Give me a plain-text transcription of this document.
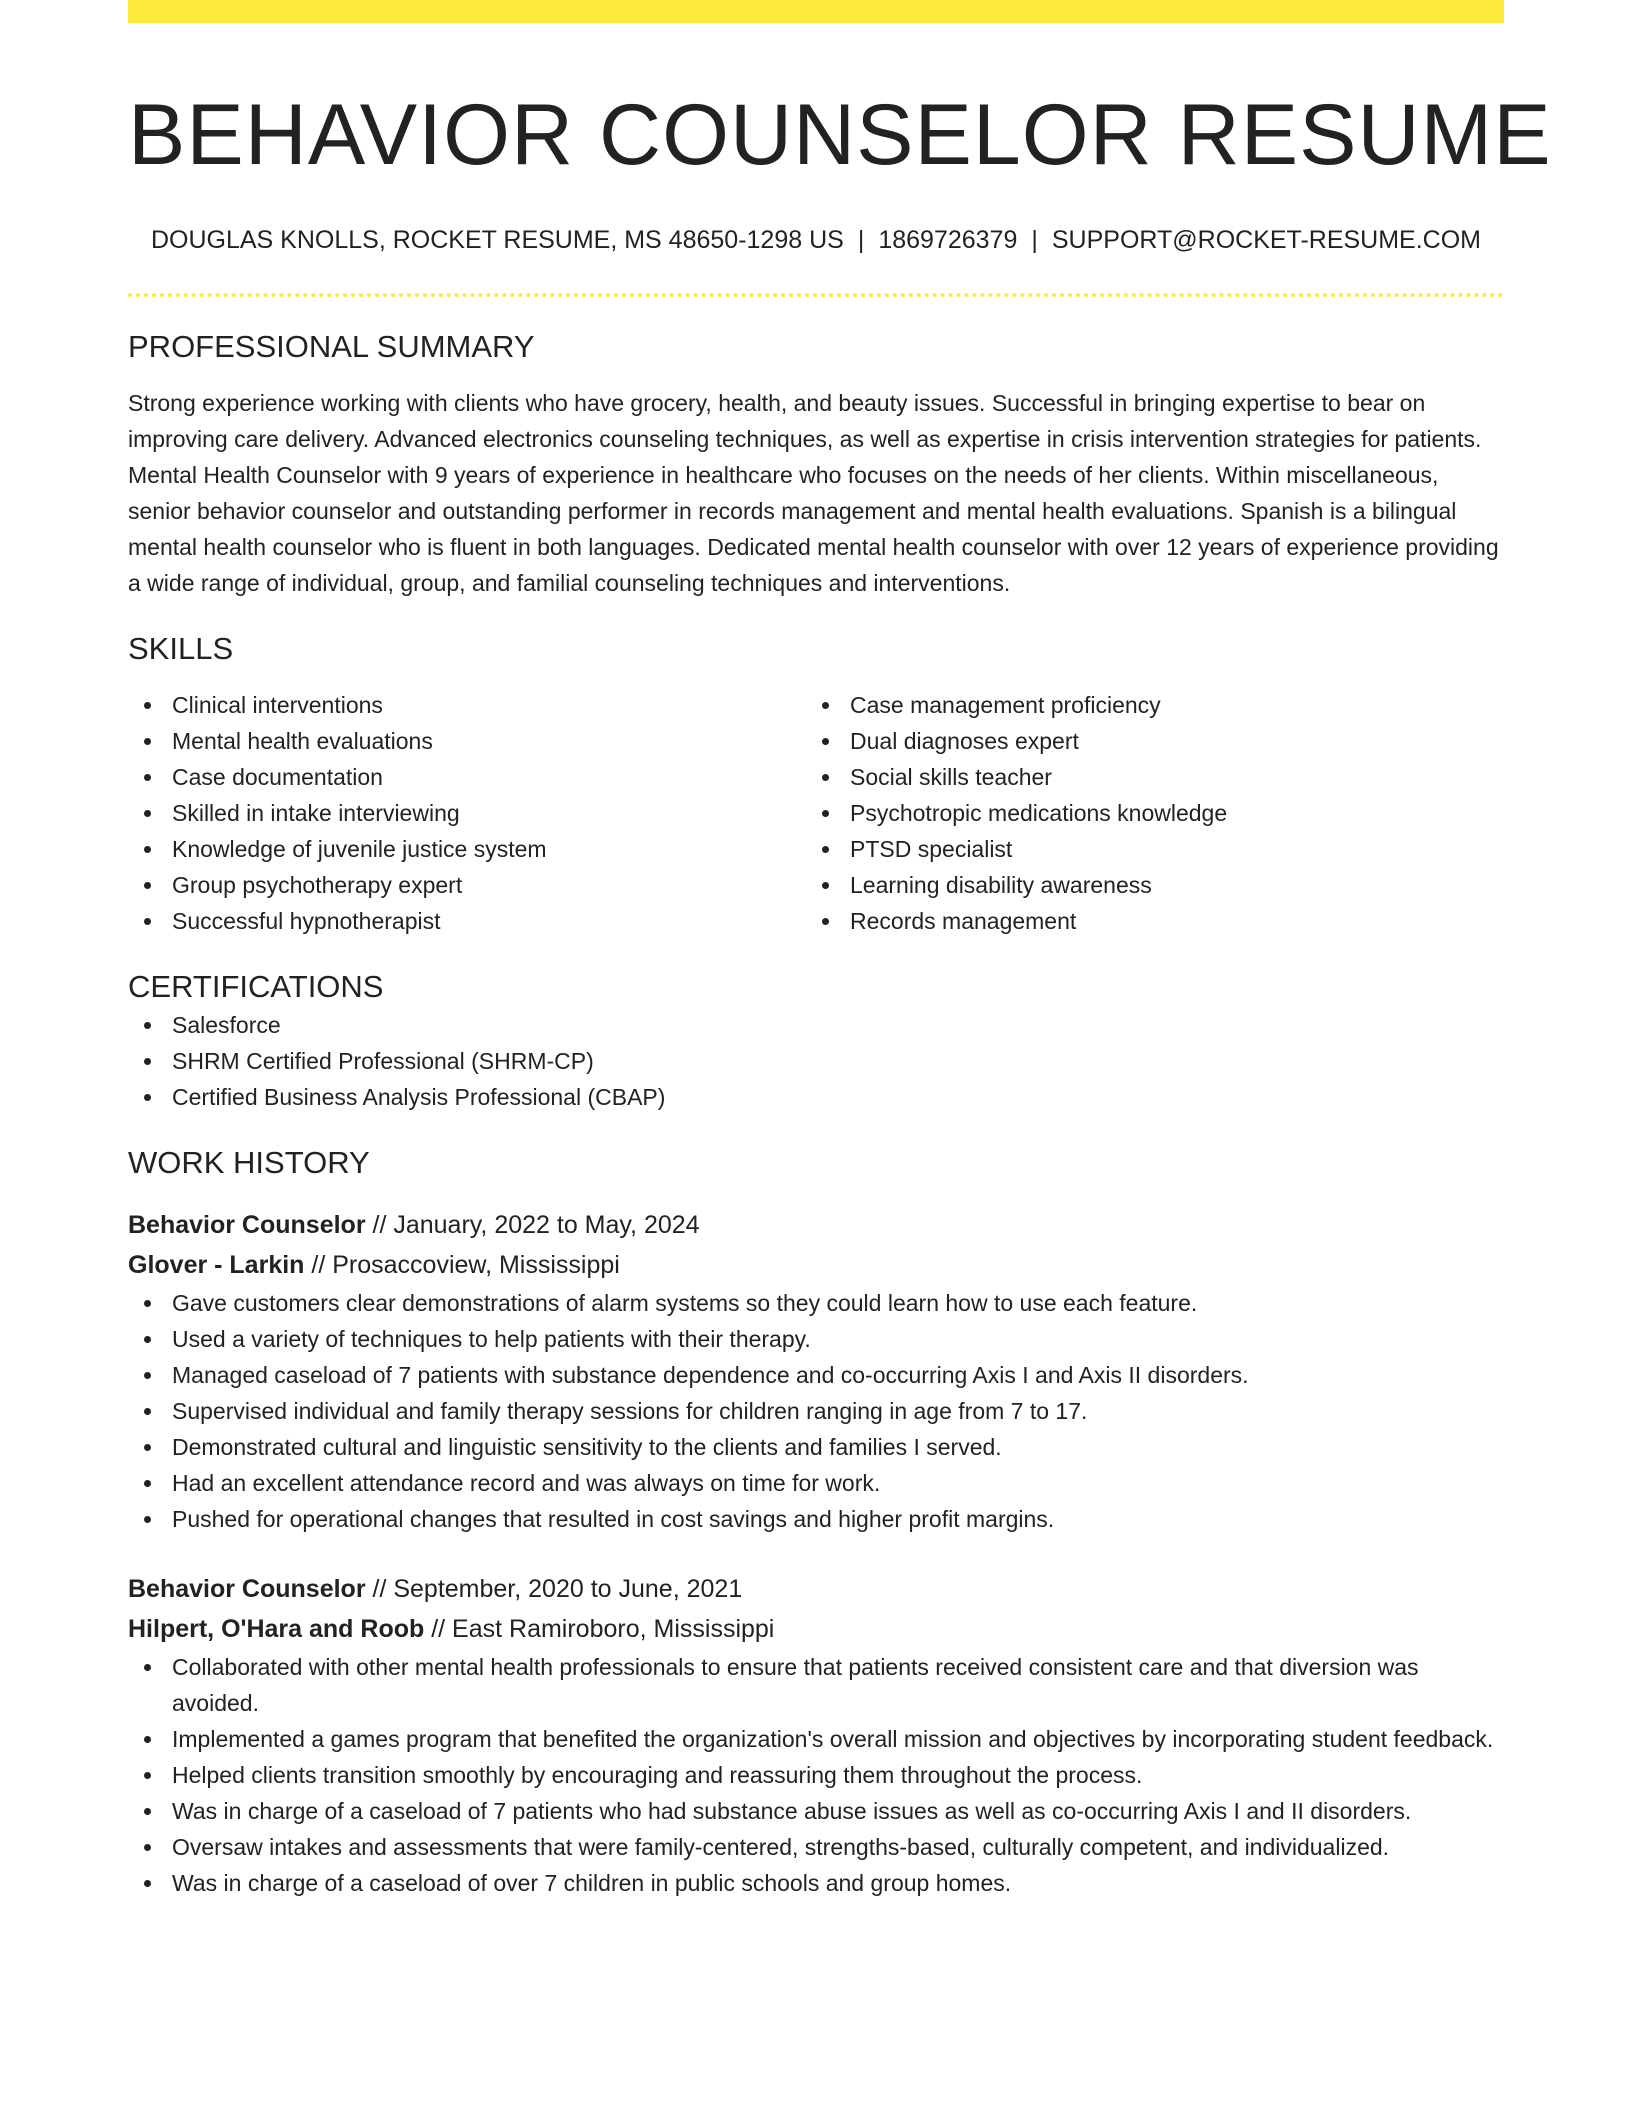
BEHAVIOR COUNSELOR RESUME
DOUGLAS KNOLLS, ROCKET RESUME, MS 48650-1298 US | 1869726379 | SUPPORT@ROCKET-RESUME.COM
PROFESSIONAL SUMMARY

Strong experience working with clients who have grocery, health, and beauty issues. Successful in bringing expertise to bear on improving care delivery. Advanced electronics counseling techniques, as well as expertise in crisis intervention strategies for patients. Mental Health Counselor with 9 years of experience in healthcare who focuses on the needs of her clients. Within miscellaneous, senior behavior counselor and outstanding performer in records management and mental health evaluations. Spanish is a bilingual mental health counselor who is fluent in both languages. Dedicated mental health counselor with over 12 years of experience providing a wide range of individual, group, and familial counseling techniques and interventions.

SKILLS
Clinical interventions
Mental health evaluations
Case documentation
Skilled in intake interviewing
Knowledge of juvenile justice system
Group psychotherapy expert
Successful hypnotherapist
Case management proficiency
Dual diagnoses expert
Social skills teacher
Psychotropic medications knowledge
PTSD specialist
Learning disability awareness
Records management
CERTIFICATIONS
Salesforce
SHRM Certified Professional (SHRM-CP)
Certified Business Analysis Professional (CBAP)
WORK HISTORY
Behavior Counselor // January, 2022 to May, 2024
Glover - Larkin // Prosaccoview, Mississippi
Gave customers clear demonstrations of alarm systems so they could learn how to use each feature.
Used a variety of techniques to help patients with their therapy.
Managed caseload of 7 patients with substance dependence and co-occurring Axis I and Axis II disorders.
Supervised individual and family therapy sessions for children ranging in age from 7 to 17.
Demonstrated cultural and linguistic sensitivity to the clients and families I served.
Had an excellent attendance record and was always on time for work.
Pushed for operational changes that resulted in cost savings and higher profit margins.
Behavior Counselor // September, 2020 to June, 2021
Hilpert, O'Hara and Roob // East Ramiroboro, Mississippi
Collaborated with other mental health professionals to ensure that patients received consistent care and that diversion was avoided.
Implemented a games program that benefited the organization's overall mission and objectives by incorporating student feedback.
Helped clients transition smoothly by encouraging and reassuring them throughout the process.
Was in charge of a caseload of 7 patients who had substance abuse issues as well as co-occurring Axis I and II disorders.
Oversaw intakes and assessments that were family-centered, strengths-based, culturally competent, and individualized.
Was in charge of a caseload of over 7 children in public schools and group homes.
